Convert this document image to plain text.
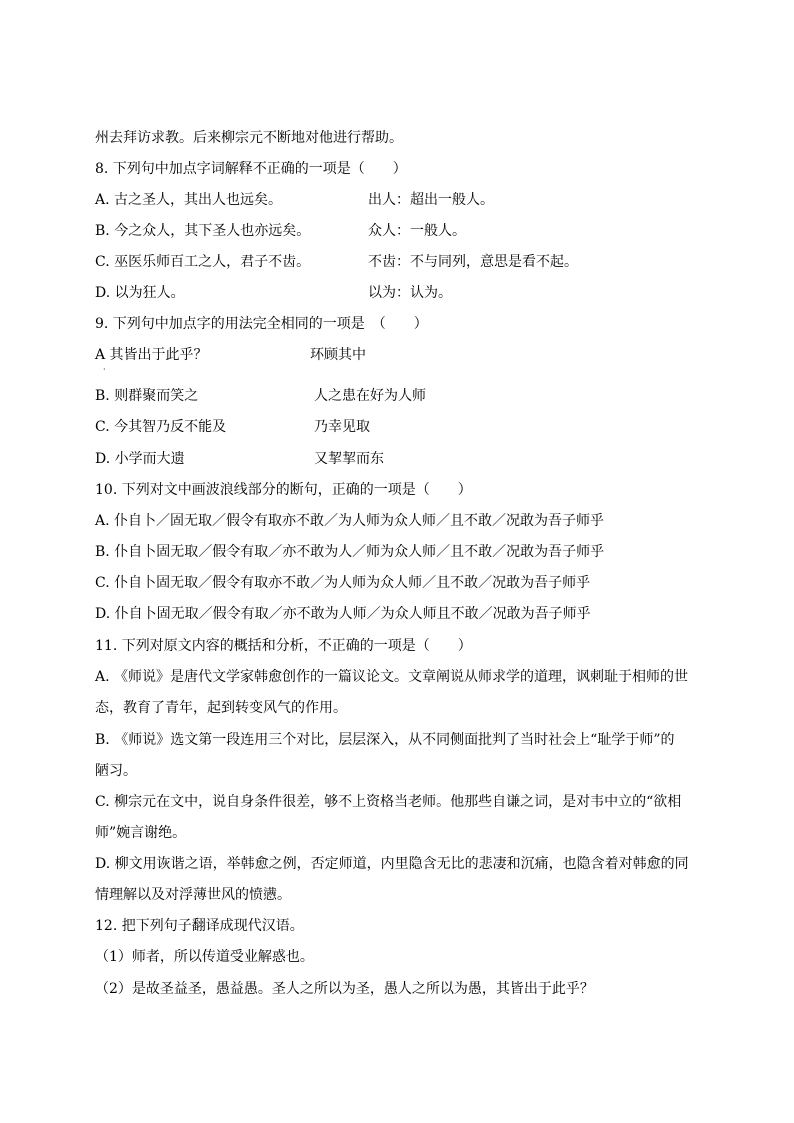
州去拜访求教。后来柳宗元不断地对他进行帮助。
8. 下列句中加点字词解释不正确的一项是（　　）
A. 古之圣人，其出人也远矣。	出人：超出一般人。
B. 今之众人，其下圣人也亦远矣。	众人：一般人。
C. 巫医乐师百工之人，君子不齿。	不齿：不与同列，意思是看不起。
D. 以为狂人。	以为：认为。
9. 下列句中加点字的用法完全相同的一项是　（　　）
A 其皆出于此乎？	环顾其中
·
B. 则群聚而笑之	人之患在好为人师
C. 今其智乃反不能及	乃幸见取
D. 小学而大遗	又挈挈而东
10. 下列对文中画波浪线部分的断句，正确的一项是（　　）
A. 仆自卜／固无取／假令有取亦不敢／为人师为众人师／且不敢／况敢为吾子师乎
B. 仆自卜固无取／假令有取／亦不敢为人／师为众人师／且不敢／况敢为吾子师乎
C. 仆自卜固无取／假令有取亦不敢／为人师为众人师／且不敢／况敢为吾子师乎
D. 仆自卜固无取／假令有取／亦不敢为人师／为众人师且不敢／况敢为吾子师乎
11. 下列对原文内容的概括和分析，不正确的一项是（　　）
A. 《师说》是唐代文学家韩愈创作的一篇议论文。文章阐说从师求学的道理，讽刺耻于相师的世
态，教育了青年，起到转变风气的作用。
B. 《师说》选文第一段连用三个对比，层层深入，从不同侧面批判了当时社会上“耻学于师”的
陋习。
C. 柳宗元在文中，说自身条件很差，够不上资格当老师。他那些自谦之词，是对韦中立的“欲相
师”婉言谢绝。
D. 柳文用诙谐之语，举韩愈之例，否定师道，内里隐含无比的悲凄和沉痛，也隐含着对韩愈的同
情理解以及对浮薄世风的愤懑。
12. 把下列句子翻译成现代汉语。
（1）师者，所以传道受业解惑也。
（2）是故圣益圣，愚益愚。圣人之所以为圣，愚人之所以为愚，其皆出于此乎？
